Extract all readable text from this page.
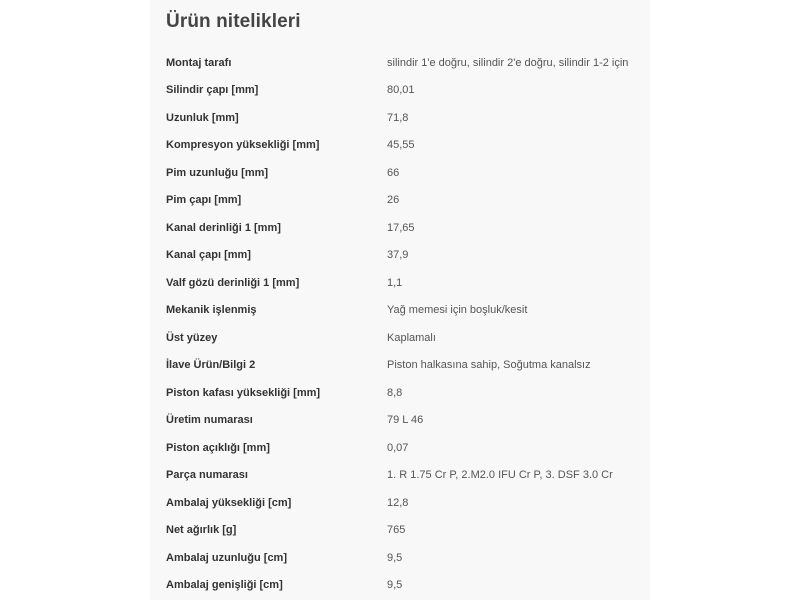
Ürün nitelikleri
Montaj tarafı	silindir 1'e doğru, silindir 2'e doğru, silindir 1-2 için
Silindir çapı [mm]	80,01
Uzunluk [mm]	71,8
Kompresyon yüksekliği [mm]	45,55
Pim uzunluğu [mm]	66
Pim çapı [mm]	26
Kanal derinliği 1 [mm]	17,65
Kanal çapı [mm]	37,9
Valf gözü derinliği 1 [mm]	1,1
Mekanik işlenmiş	Yağ memesi için boşluk/kesit
Üst yüzey	Kaplamalı
İlave Ürün/Bilgi 2	Piston halkasına sahip, Soğutma kanalsız
Piston kafası yüksekliği [mm]	8,8
Üretim numarası	79 L 46
Piston açıklığı [mm]	0,07
Parça numarası	1. R 1.75 Cr P, 2.M2.0 IFU Cr P, 3. DSF 3.0 Cr
Ambalaj yüksekliği [cm]	12,8
Net ağırlık [g]	765
Ambalaj uzunluğu [cm]	9,5
Ambalaj genişliği [cm]	9,5
